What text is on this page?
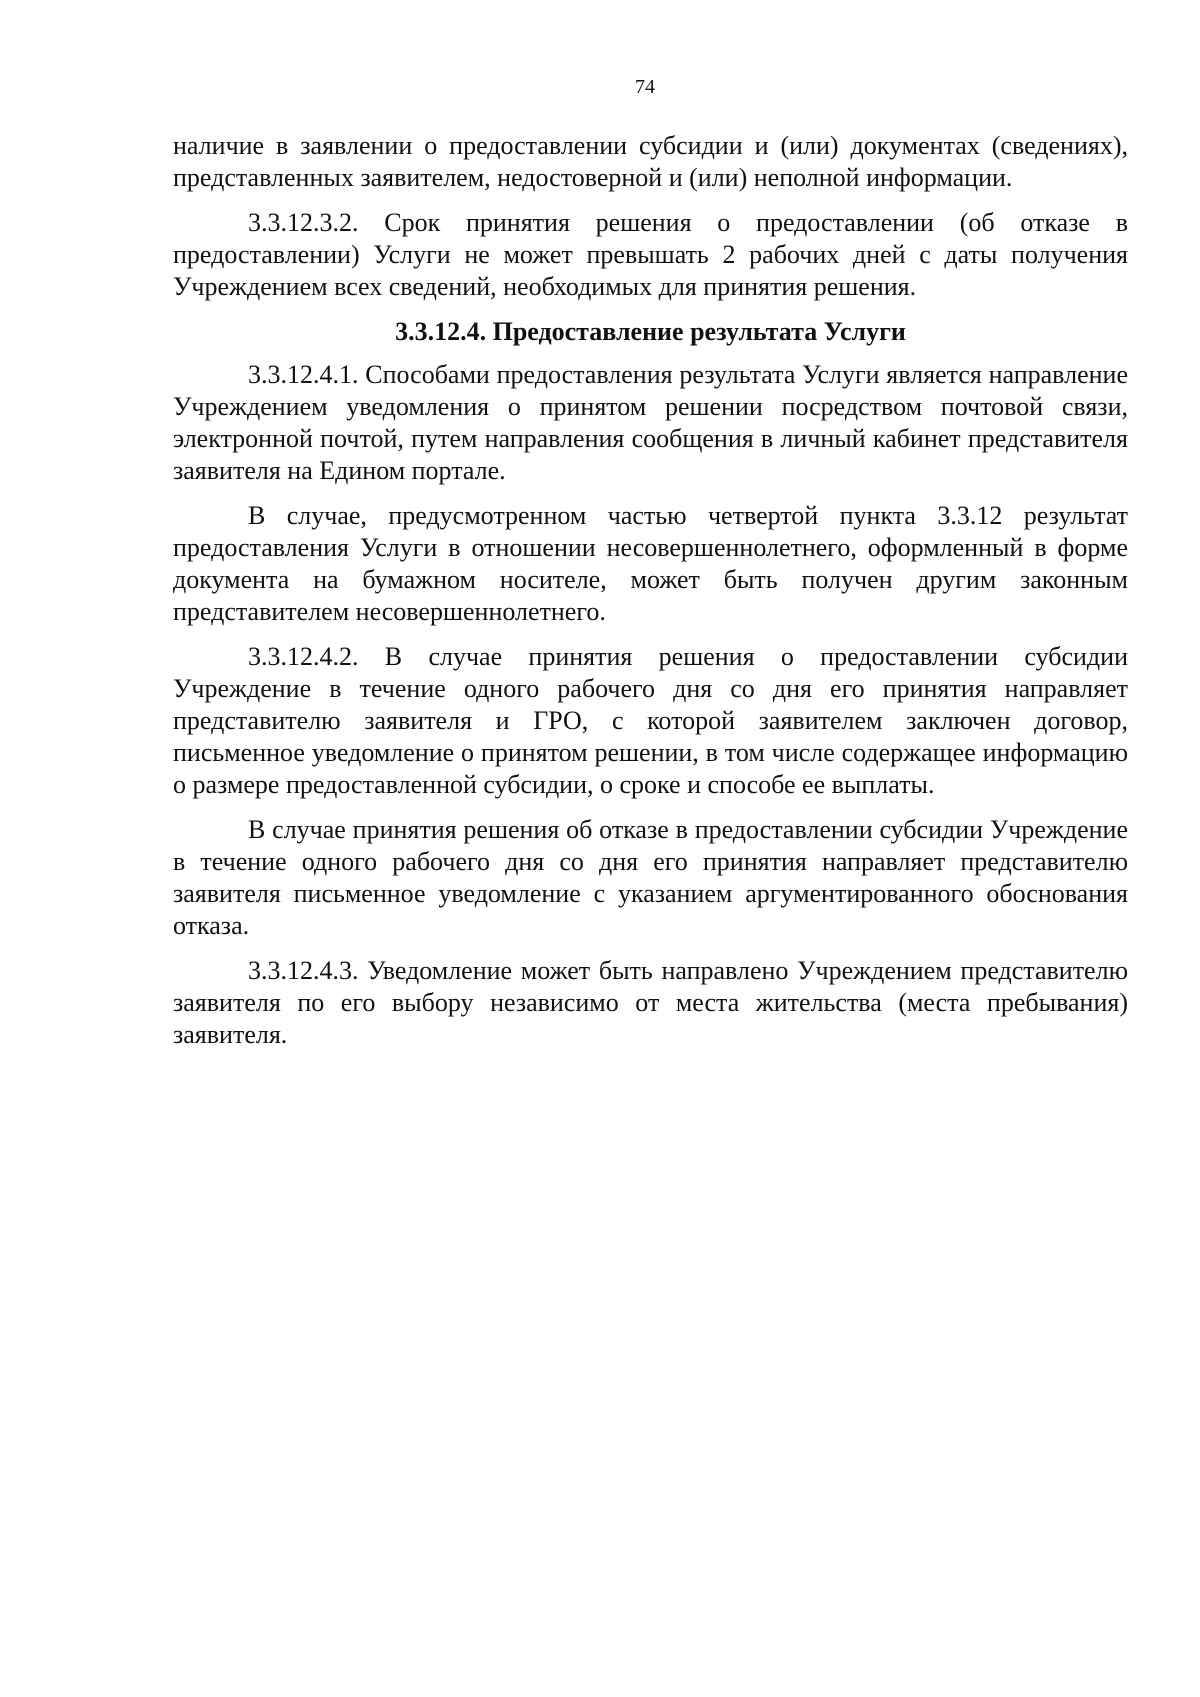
74

наличие в заявлении о предоставлении субсидии и (или) документах (сведениях), представленных заявителем, недостоверной и (или) неполной информации.

3.3.12.3.2. Срок принятия решения о предоставлении (об отказе в предоставлении) Услуги не может превышать 2 рабочих дней с даты получения Учреждением всех сведений, необходимых для принятия решения.

3.3.12.4. Предоставление результата Услуги

3.3.12.4.1. Способами предоставления результата Услуги является направление Учреждением уведомления о принятом решении посредством почтовой связи, электронной почтой, путем направления сообщения в личный кабинет представителя заявителя на Едином портале.

В случае, предусмотренном частью четвертой пункта 3.3.12 результат предоставления Услуги в отношении несовершеннолетнего, оформленный в форме документа на бумажном носителе, может быть получен другим законным представителем несовершеннолетнего.

3.3.12.4.2. В случае принятия решения о предоставлении субсидии Учреждение в течение одного рабочего дня со дня его принятия направляет представителю заявителя и ГРО, с которой заявителем заключен договор, письменное уведомление о принятом решении, в том числе содержащее информацию о размере предоставленной субсидии, о сроке и способе ее выплаты.

В случае принятия решения об отказе в предоставлении субсидии Учреждение в течение одного рабочего дня со дня его принятия направляет представителю заявителя письменное уведомление с указанием аргументированного обоснования отказа.

3.3.12.4.3. Уведомление может быть направлено Учреждением представителю заявителя по его выбору независимо от места жительства (места пребывания) заявителя.
